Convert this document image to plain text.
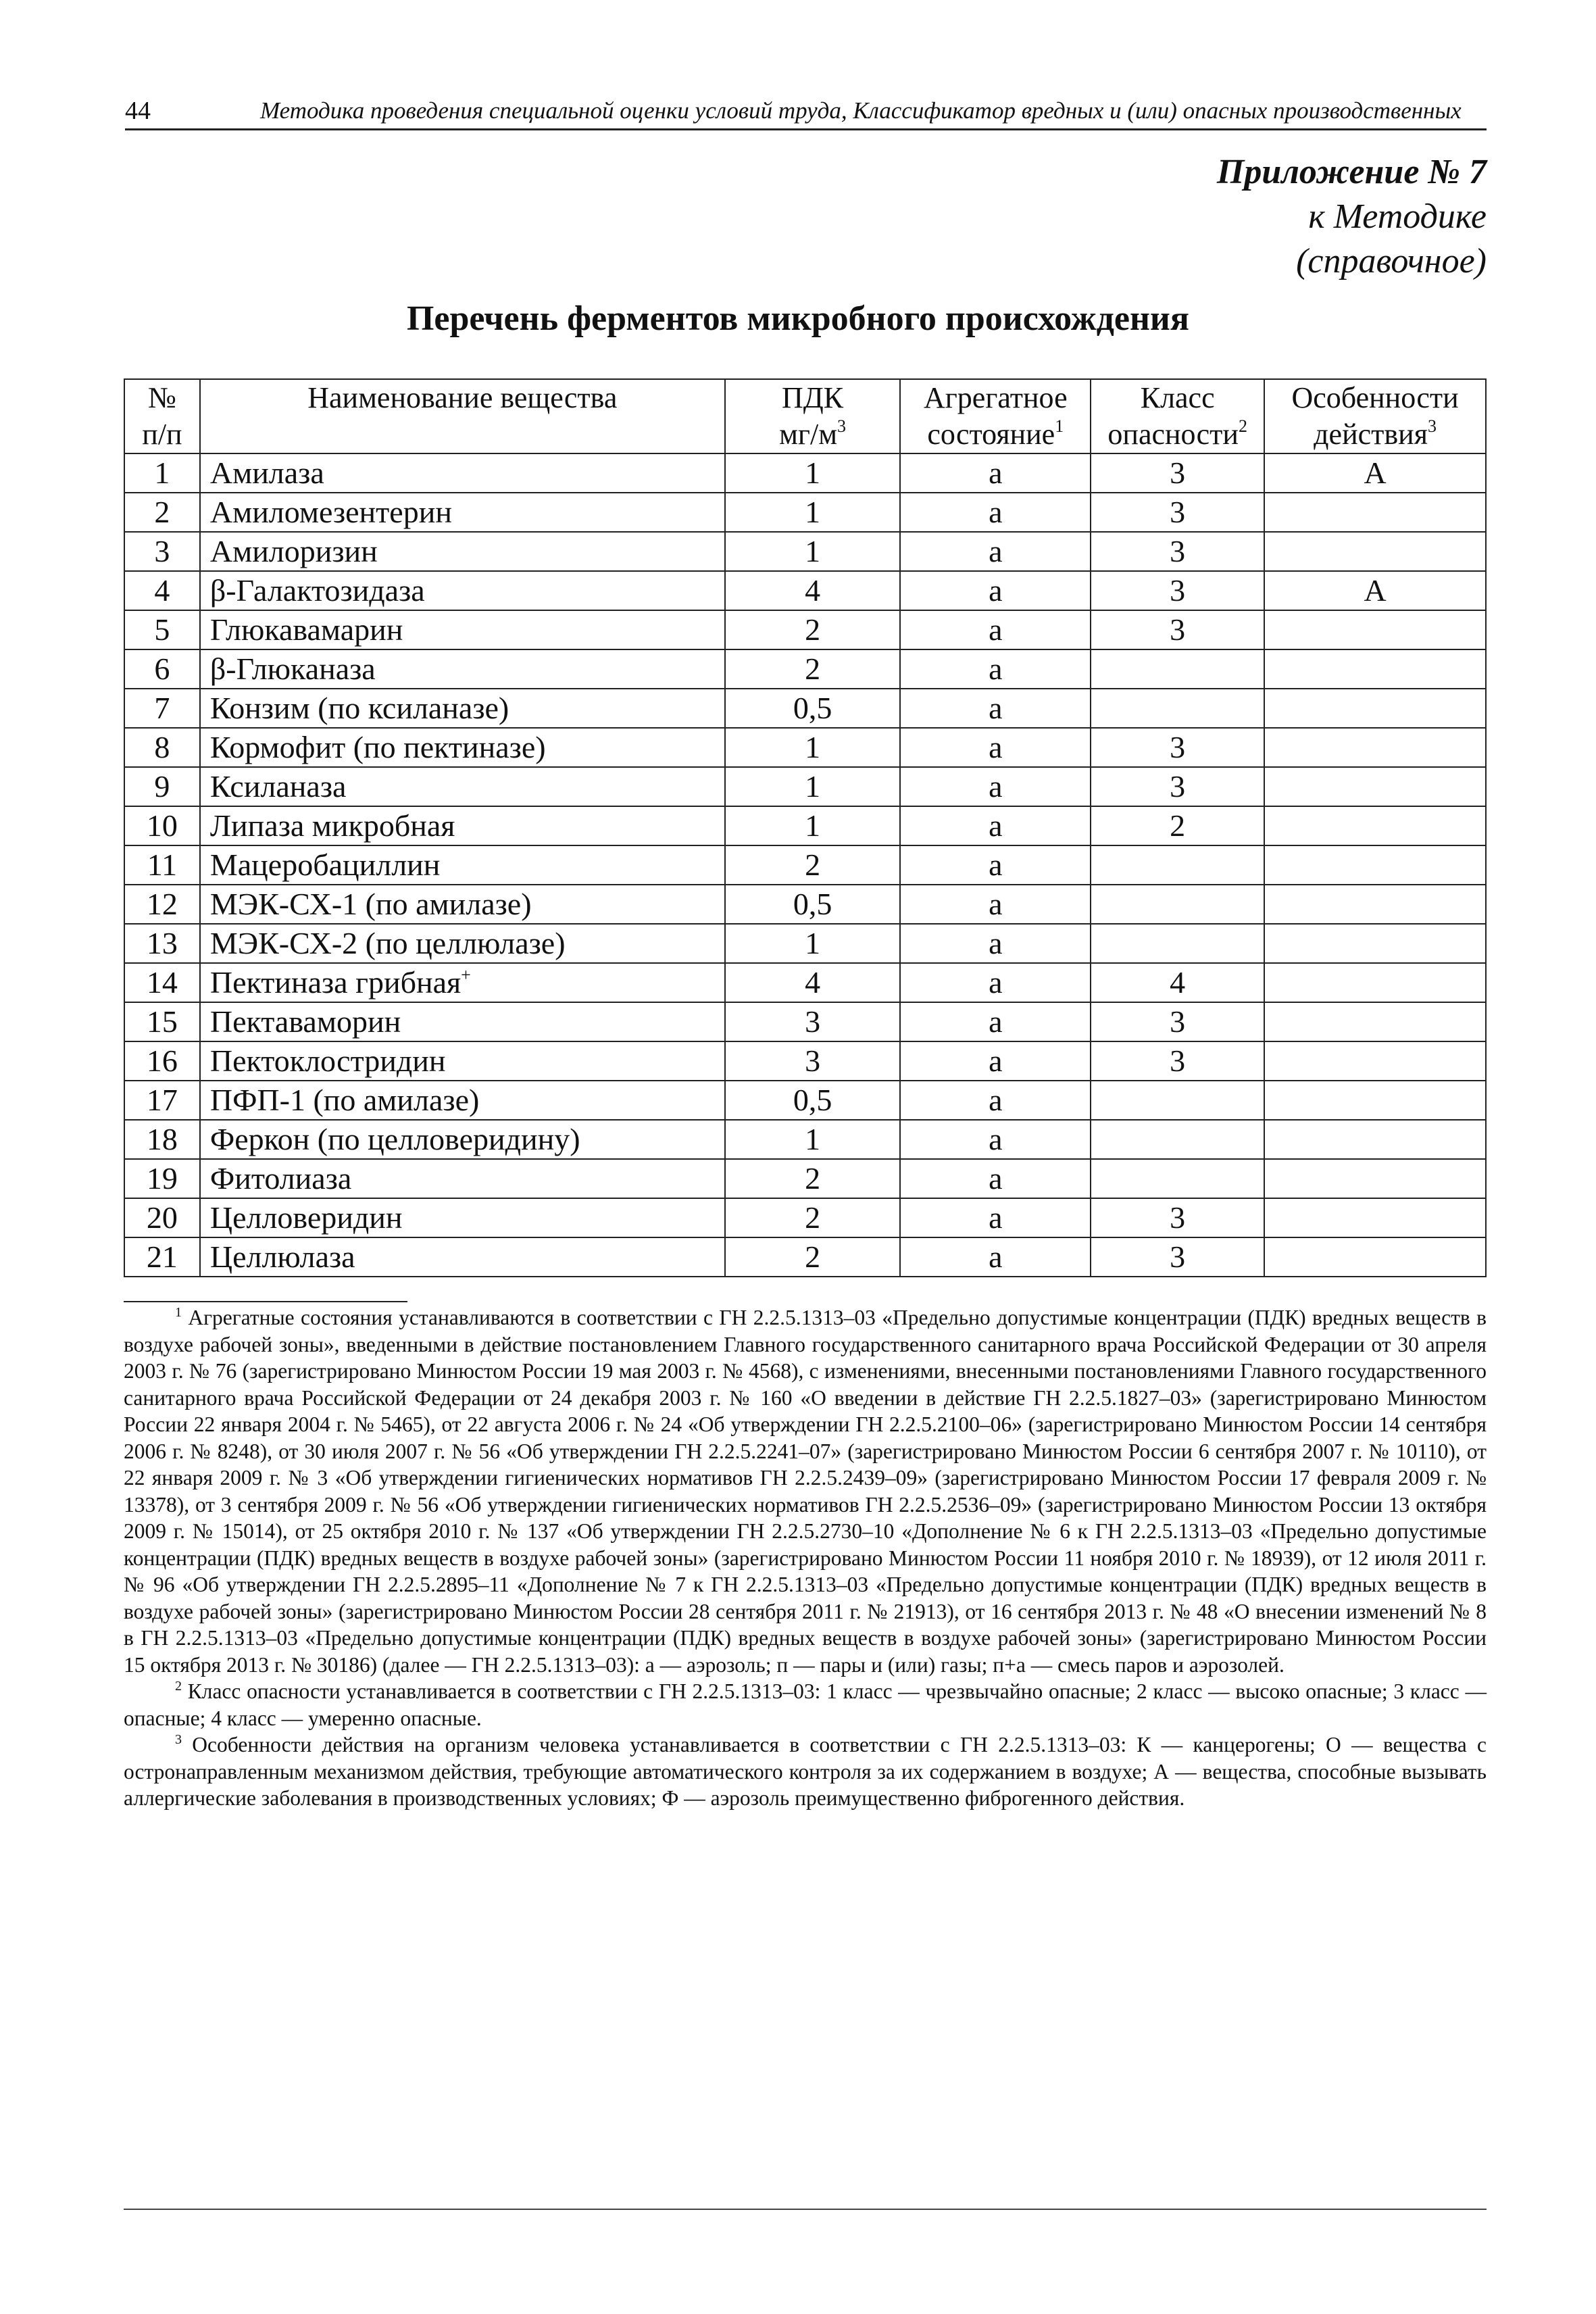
44	Методика проведения специальной оценки условий труда, Классификатор вредных и (или) опасных производственных
Приложение № 7
к Методике
(справочное)
Перечень ферментов микробного происхождения
№	Наименование вещества	ПДК	Агрегатное	Класс	Особенности
п/п		$мг/м^3$	состояние$^1$	опасности$^2$	действия$^3$
1	Амилаза	1	а	3	А
2	Амиломезентерин	1	а	3	
3	Амилоризин	1	а	3	
4	β-Галактозидаза	4	а	3	А
5	Глюкавамарин	2	а	3	
6	β-Глюканаза	2	а		
7	Конзим (по ксиланазе)	0,5	а		
8	Кормофит (по пектиназе)	1	а	3	
9	Ксиланаза	1	а	3	
10	Липаза микробная	1	а	2	
11	Мацеробациллин	2	а		
12	МЭК-СХ-1 (по амилазе)	0,5	а		
13	МЭК-СХ-2 (по целлюлазе)	1	а		
14	Пектиназа грибная+	4	а	4	
15	Пектаваморин	3	а	3	
16	Пектоклостридин	3	а	3	
17	ПФП-1 (по амилазе)	0,5	а		
18	Феркон (по целловеридину)	1	а		
19	Фитолиаза	2	а		
20	Целловеридин	2	а	3	
21	Целлюлаза	2	а	3	

$^1$ Агрегатные состояния устанавливаются в соответствии с ГН 2.2.5.1313–03 «Предельно допустимые концентрации (ПДК) вредных веществ в воздухе рабочей зоны», введенными в действие постановлением Главного государственного санитарного врача Российской Федерации от 30 апреля 2003 г. № 76 (зарегистрировано Минюстом России 19 мая 2003 г. № 4568), с изменениями, внесенными постановлениями Главного государственного санитарного врача Российской Федерации от 24 декабря 2003 г. № 160 «О введении в действие ГН 2.2.5.1827–03» (зарегистрировано Минюстом России 22 января 2004 г. № 5465), от 22 августа 2006 г. № 24 «Об утверждении ГН 2.2.5.2100–06» (зарегистрировано Минюстом России 14 сентября 2006 г. № 8248), от 30 июля 2007 г. № 56 «Об утверждении ГН 2.2.5.2241–07» (зарегистрировано Минюстом России 6 сентября 2007 г. № 10110), от 22 января 2009 г. № 3 «Об утверждении гигиенических нормативов ГН 2.2.5.2439–09» (зарегистрировано Минюстом России 17 февраля 2009 г. № 13378), от 3 сентября 2009 г. № 56 «Об утверждении гигиенических нормативов ГН 2.2.5.2536–09» (зарегистрировано Минюстом России 13 октября 2009 г. № 15014), от 25 октября 2010 г. № 137 «Об утверждении ГН 2.2.5.2730–10 «Дополнение № 6 к ГН 2.2.5.1313–03 «Предельно допустимые концентрации (ПДК) вредных веществ в воздухе рабочей зоны» (зарегистрировано Минюстом России 11 ноября 2010 г. № 18939), от 12 июля 2011 г. № 96 «Об утверждении ГН 2.2.5.2895–11 «Дополнение № 7 к ГН 2.2.5.1313–03 «Предельно допустимые концентрации (ПДК) вредных веществ в воздухе рабочей зоны» (зарегистрировано Минюстом России 28 сентября 2011 г. № 21913), от 16 сентября 2013 г. № 48 «О внесении изменений № 8 в ГН 2.2.5.1313–03 «Предельно допустимые концентрации (ПДК) вредных веществ в воздухе рабочей зоны» (зарегистрировано Минюстом России 15 октября 2013 г. № 30186) (далее — ГН 2.2.5.1313–03): а — аэрозоль; п — пары и (или) газы; п+а — смесь паров и аэрозолей.

$^2$ Класс опасности устанавливается в соответствии с ГН 2.2.5.1313–03: 1 класс — чрезвычайно опасные; 2 класс — высоко опасные; 3 класс — опасные; 4 класс — умеренно опасные.

$^3$ Особенности действия на организм человека устанавливается в соответствии с ГН 2.2.5.1313–03: К — канцерогены; О — вещества с остронаправленным механизмом действия, требующие автоматического контроля за их содержанием в воздухе; А — вещества, способные вызывать аллергические заболевания в производственных условиях; Ф — аэрозоль преимущественно фиброгенного действия.
